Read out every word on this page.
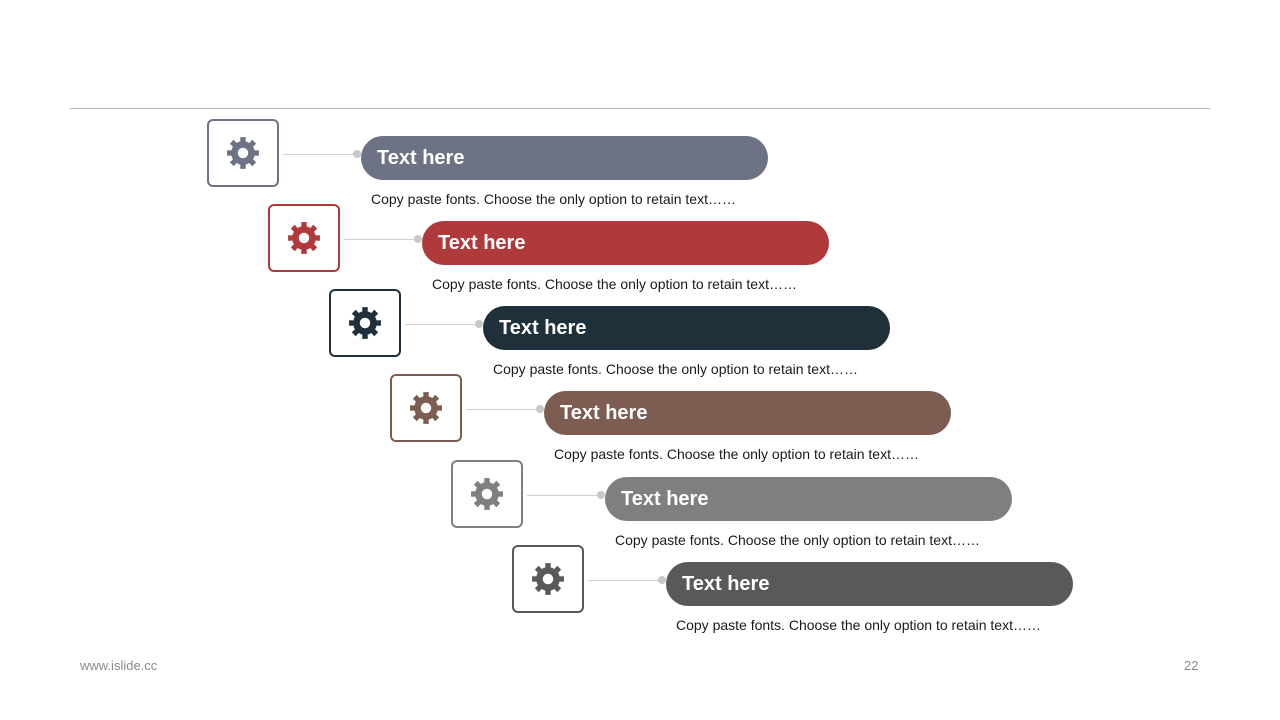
Text here
Copy paste fonts. Choose the only option to retain text……
Text here
Copy paste fonts. Choose the only option to retain text……
Text here
Copy paste fonts. Choose the only option to retain text……
Text here
Copy paste fonts. Choose the only option to retain text……
Text here
Copy paste fonts. Choose the only option to retain text……
Text here
Copy paste fonts. Choose the only option to retain text……
www.islide.cc	22
